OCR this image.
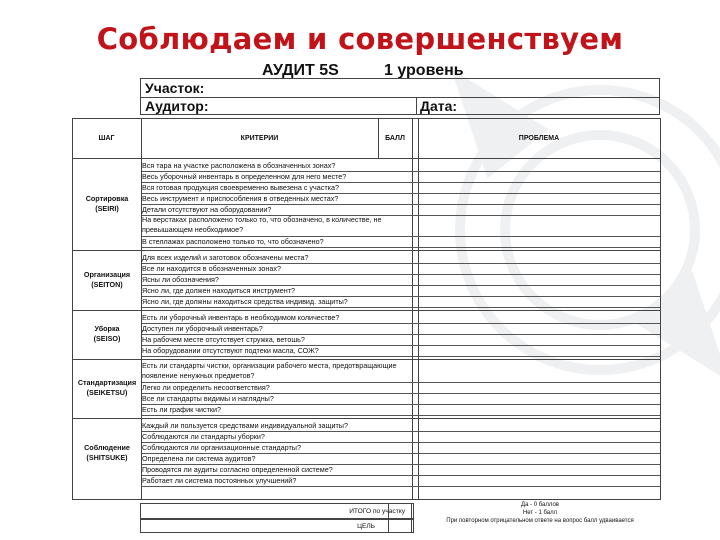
Соблюдаем и совершенствуем
АУДИТ 5S	1 уровень
Участок:
Аудитор:	Дата:
ШАГ	КРИТЕРИИ	БАЛЛ	ПРОБЛЕМА
Вся тара на участке расположена в обозначенных зонах?
Весь уборочный инвентарь в определенном для него месте?
Вся готовая продукция своевременно вывезена с участка?
Весь инструмент и приспособления в отведенных местах?
Детали отсутствуют на оборудовании?
На верстаках расположено только то, что обозначено, в количестве, не превышающем необходимое?
В стеллажах расположено только то, что обозначено?
Сортировка
(SEIRI)
Для всех изделий и заготовок обозначены места?
Все ли находится в обозначенных зонах?
Ясны ли обозначения?
Ясно ли, где должен находиться инструмент?
Ясно ли, где должны находиться средства индивид. защиты?
Организация
(SEITON)
Есть ли уборочный инвентарь в необходимом количестве?
Доступен ли уборочный инвентарь?
На рабочем месте отсутствует стружка, ветошь?
На оборудовании отсутствуют подтеки масла, СОЖ?
Уборка
(SEISO)
Есть ли стандарты чистки, организации рабочего места, предотвращающие появление ненужных предметов?
Легко ли определить несоответствия?
Все ли стандарты видимы и наглядны?
Есть ли график чистки?
Стандартизация
(SEIKETSU)
Каждый ли пользуется средствами индивидуальной защиты?
Соблюдаются ли стандарты уборки?
Соблюдаются ли организационные стандарты?
Определена ли система аудитов?
Проводятся ли аудиты согласно определенной системе?
Работает ли система постоянных улучшений?
Соблюдение
(SHITSUKE)
ИТОГО по участку
ЦЕЛЬ
Да - 0 баллов
Нет - 1 балл
При повторном отрицательном ответе на вопрос балл удваивается
